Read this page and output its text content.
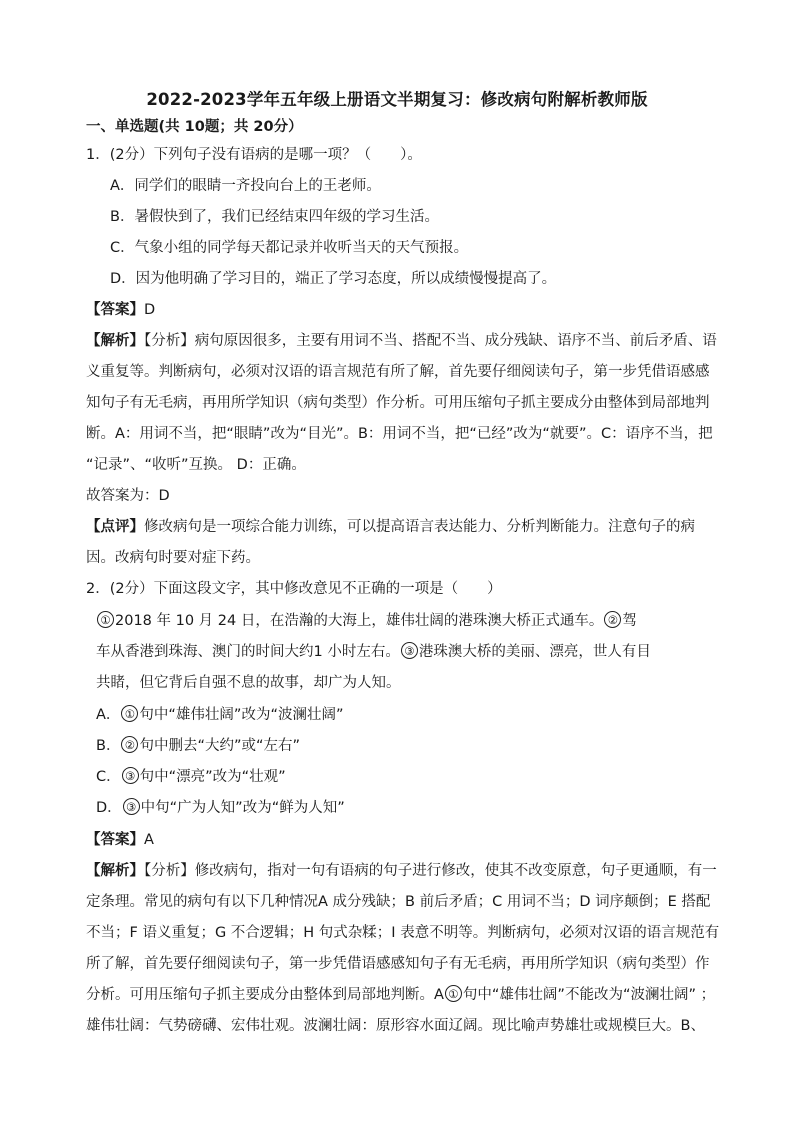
2022-2023学年五年级上册语文半期复习：修改病句附解析教师版
一、单选题(共 10题；共 20分）
1．(2分）下列句子没有语病的是哪一项？（　　）。
A．同学们的眼睛一齐投向台上的王老师。
B．暑假快到了，我们已经结束四年级的学习生活。
C．气象小组的同学每天都记录并收听当天的天气预报。
D．因为他明确了学习目的，端正了学习态度，所以成绩慢慢提高了。
【答案】D
【解析】【分析】病句原因很多，主要有用词不当、搭配不当、成分残缺、语序不当、前后矛盾、语
义重复等。判断病句，必须对汉语的语言规范有所了解，首先要仔细阅读句子，第一步凭借语感感
知句子有无毛病，再用所学知识（病句类型）作分析。可用压缩句子抓主要成分由整体到局部地判
断。A：用词不当，把“眼睛”改为“目光”。B：用词不当，把“已经”改为“就要”。C：语序不当，把
“记录”、“收听”互换。 D：正确。
故答案为：D
【点评】修改病句是一项综合能力训练，可以提高语言表达能力、分析判断能力。注意句子的病
因。改病句时要对症下药。
2．(2分）下面这段文字，其中修改意见不正确的一项是（　　）
① 2018 年 10 月 24 日，在浩瀚的大海上，雄伟壮阔的港珠澳大桥正式通车。 ② 驾
车从香港到珠海、澳门的时间大约1 小时左右。 ③ 港珠澳大桥的美丽、漂亮，世人有目
共睹，但它背后自强不息的故事，却广为人知。
A． ① 句中“雄伟壮阔”改为“波澜壮阔”
B． ② 句中删去“大约”或“左右”
C． ③ 句中“漂亮”改为“壮观”
D． ③ 中句“广为人知”改为“鲜为人知”
【答案】A
【解析】【分析】修改病句，指对一句有语病的句子进行修改，使其不改变原意，句子更通顺，有一
定条理。常见的病句有以下几种情况A 成分残缺；B 前后矛盾；C 用词不当；D 词序颠倒；E 搭配
不当；F 语义重复；G 不合逻辑；H 句式杂糅；I 表意不明等。判断病句，必须对汉语的语言规范有
所了解，首先要仔细阅读句子，第一步凭借语感感知句子有无毛病，再用所学知识（病句类型）作
分析。可用压缩句子抓主要成分由整体到局部地判断。A ① 句中“雄伟壮阔”不能改为“波澜壮阔” ；
雄伟壮阔：气势磅礴、宏伟壮观。波澜壮阔：原形容水面辽阔。现比喻声势雄壮或规模巨大。B、
